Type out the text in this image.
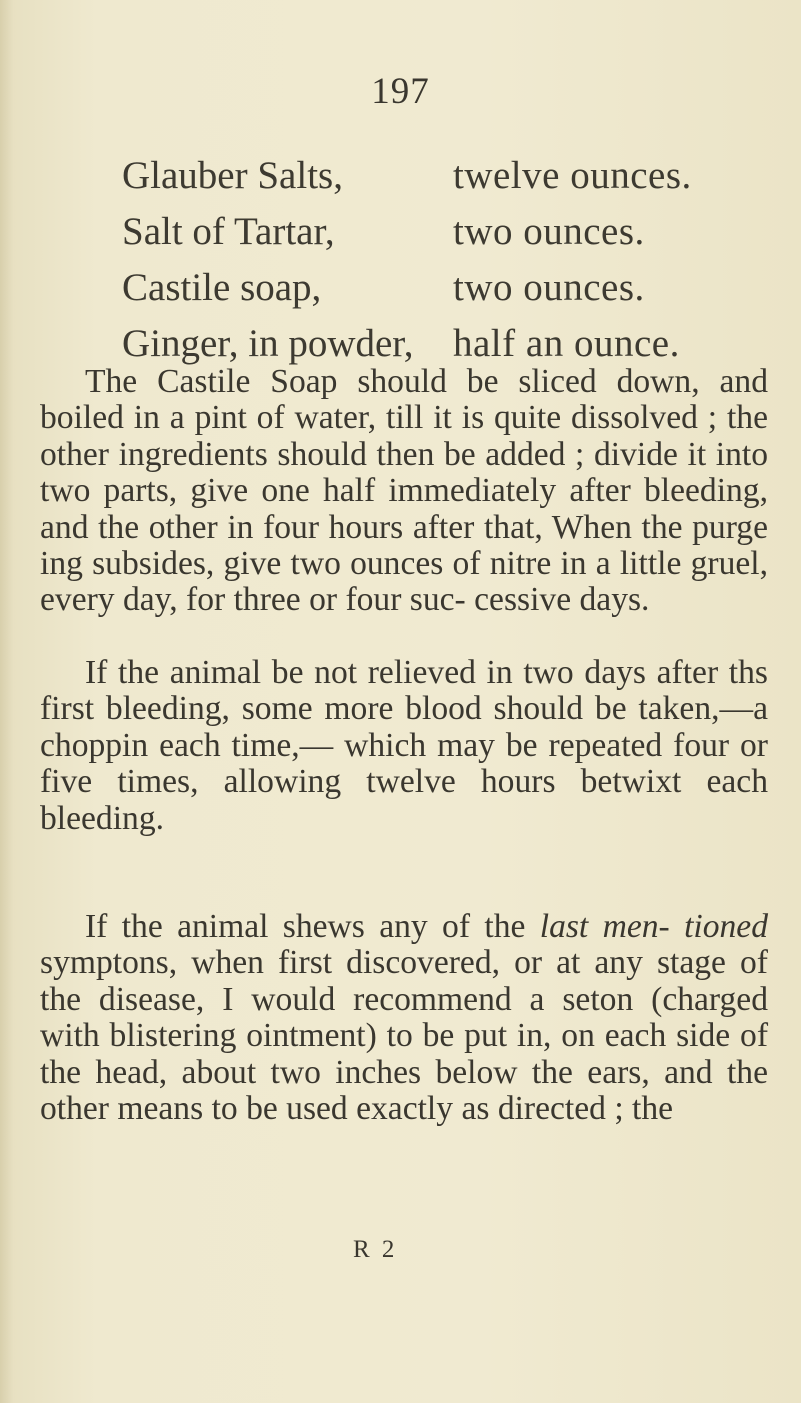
197
Glauber Salts,	twelve ounces.
Salt of Tartar,	two ounces.
Castile soap,	two ounces.
Ginger, in powder,	half an ounce.

The Castile Soap should be sliced down, and boiled in a pint of water, till it is quite dissolved ; the other ingredients should then be added ; divide it into two parts, give one half immediately after bleeding, and the other in four hours after that, When the purge ing subsides, give two ounces of nitre in a little gruel, every day, for three or four suc- cessive days.

If the animal be not relieved in two days after ths first bleeding, some more blood should be taken,—a choppin each time,— which may be repeated four or five times, allowing twelve hours betwixt each bleeding.

If the animal shews any of the last men- tioned symptons, when first discovered, or at any stage of the disease, I would recommend a seton (charged with blistering ointment) to be put in, on each side of the head, about two inches below the ears, and the other means to be used exactly as directed ; the

R 2
